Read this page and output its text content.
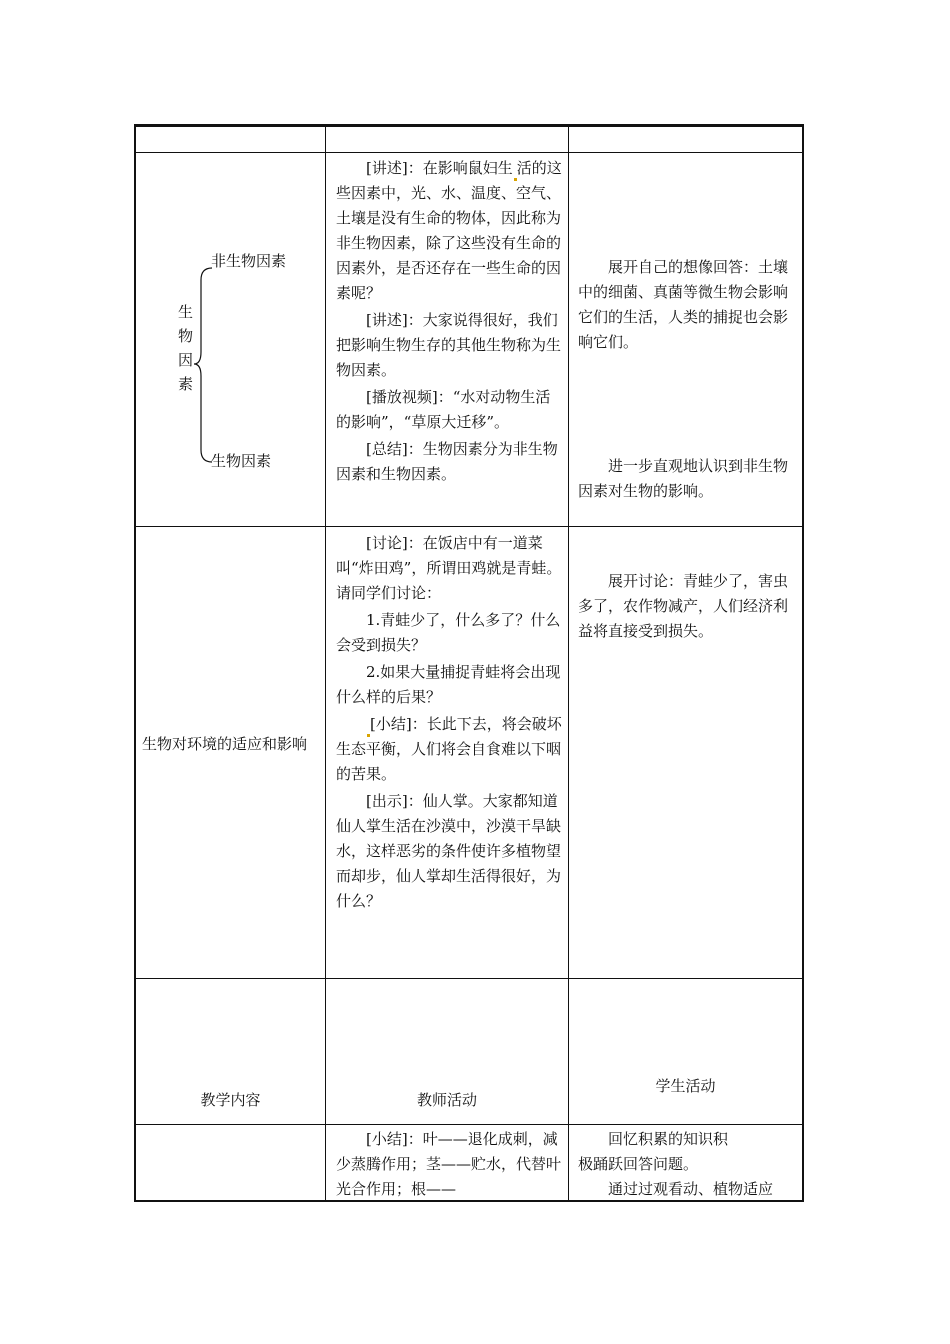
非生物因素
生物因素
生物因素

[讲述]：在影响鼠妇生 活的这些因素中，光、水、温度、空气、土壤是没有生命的物体，因此称为非生物因素，除了这些没有生命的因素外，是否还存在一些生命的因素呢？

[讲述]：大家说得很好，我们把影响生物生存的其他生物称为生物因素。

[播放视频]：“水对动物生活的影响”，“草原大迁移”。

[总结]：生物因素分为非生物因素和生物因素。

展开自己的想像回答：土壤中的细菌、真菌等微生物会影响它们的生活，人类的捕捉也会影响它们。

进一步直观地认识到非生物因素对生物的影响。

生物对环境的适应和影响

[讨论]：在饭店中有一道菜叫“炸田鸡”，所谓田鸡就是青蛙。请同学们讨论：

1.青蛙少了，什么多了？什么会受到损失？

2.如果大量捕捉青蛙将会出现什么样的后果？

[小结]：长此下去，将会破坏生态平衡，人们将会自食难以下咽的苦果。

[出示]：仙人掌。大家都知道仙人掌生活在沙漠中，沙漠干旱缺水，这样恶劣的条件使许多植物望而却步，仙人掌却生活得很好，为什么？

展开讨论：青蛙少了，害虫多了，农作物减产，人们经济利益将直接受到损失。

教学内容	教师活动
学生活动

[小结]：叶——退化成刺，减少蒸腾作用；茎——贮水，代替叶光合作用；根——

回忆积累的知识积

极踊跃回答问题。

通过过观看动、植物适应
